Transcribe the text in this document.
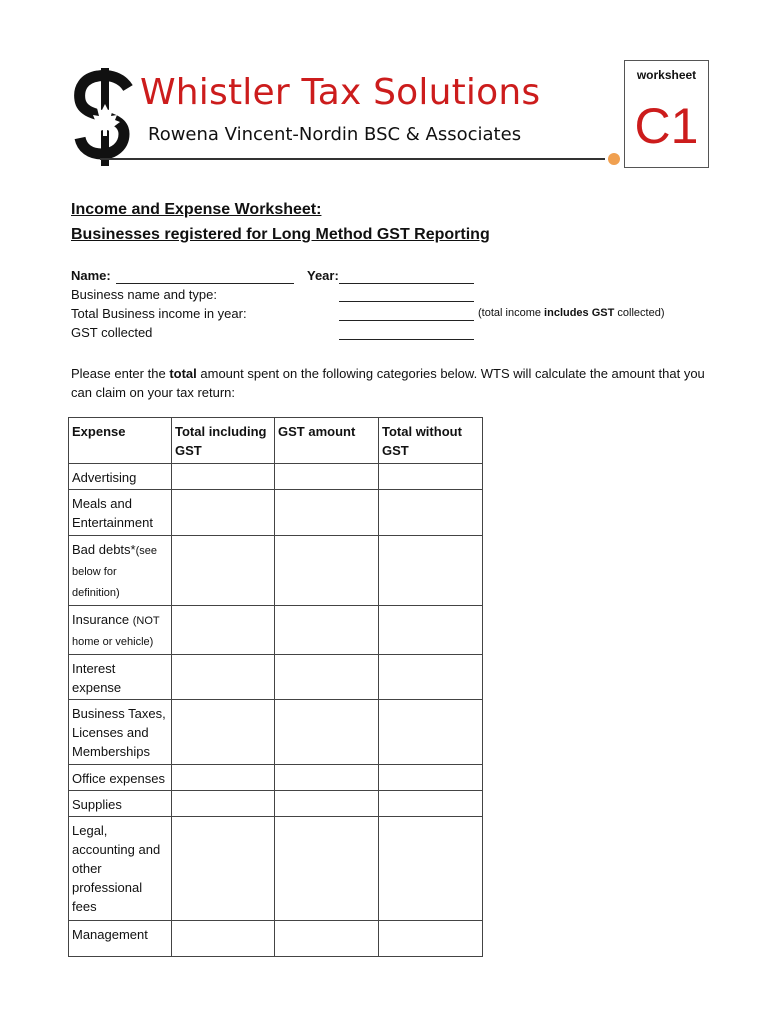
Whistler Tax Solutions
Rowena Vincent-Nordin BSC & Associates
worksheet
C1
Income and Expense Worksheet:
Businesses registered for Long Method GST Reporting
Name:	Year:
Business name and type:
Total Business income in year:	(total income includes GST collected)
GST collected
Please enter the total amount spent on the following categories below. WTS will calculate the amount that you can claim on your tax return:
Expense	Total including GST	GST amount	Total without GST
Advertising			
Meals and Entertainment			
Bad debts*(see below for definition)			
Insurance (NOT home or vehicle)			
Interest expense			
Business Taxes, Licenses and Memberships			
Office expenses			
Supplies			
Legal, accounting and other professional fees			
Management			
